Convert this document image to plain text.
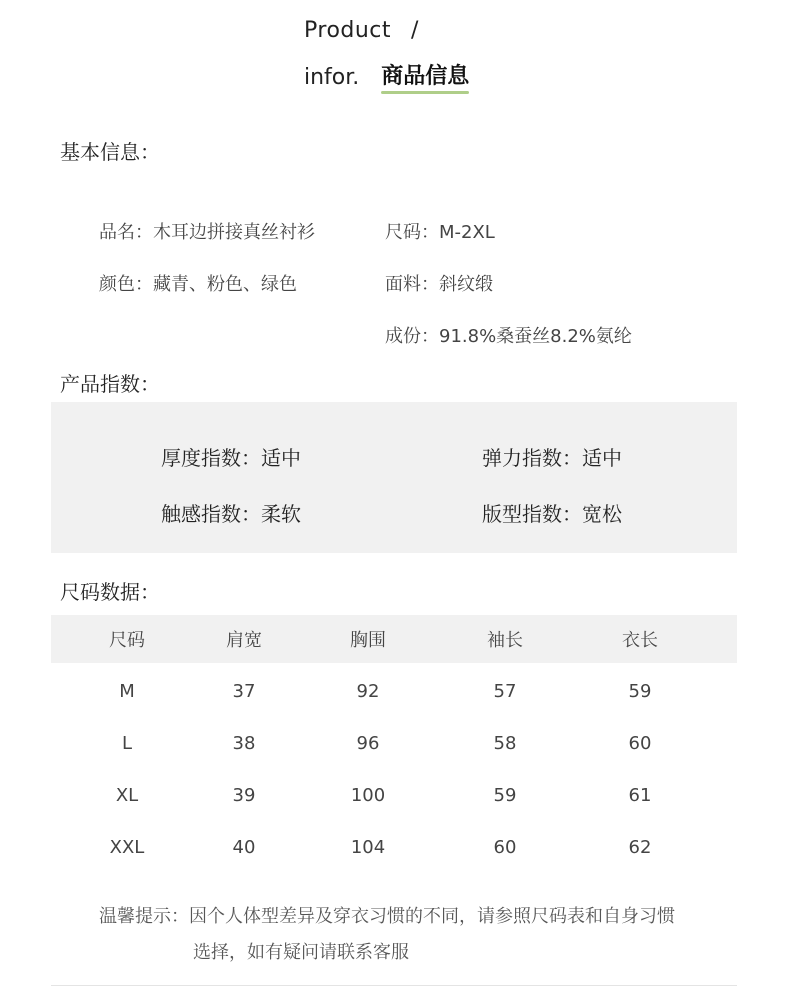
Product /
infor. 商品信息
基本信息：
品名：木耳边拼接真丝衬衫	尺码：M-2XL
颜色：藏青、粉色、绿色	面料：斜纹缎
成份：91.8%桑蚕丝8.2%氨纶
产品指数：
厚度指数：适中	弹力指数：适中
触感指数：柔软	版型指数：宽松
尺码数据：
尺码	肩宽	胸围	袖长	衣长
M	37	92	57	59
L	38	96	58	60
XL	39	100	59	61
XXL	40	104	60	62
温馨提示：因个人体型差异及穿衣习惯的不同，请参照尺码表和自身习惯
选择，如有疑问请联系客服
